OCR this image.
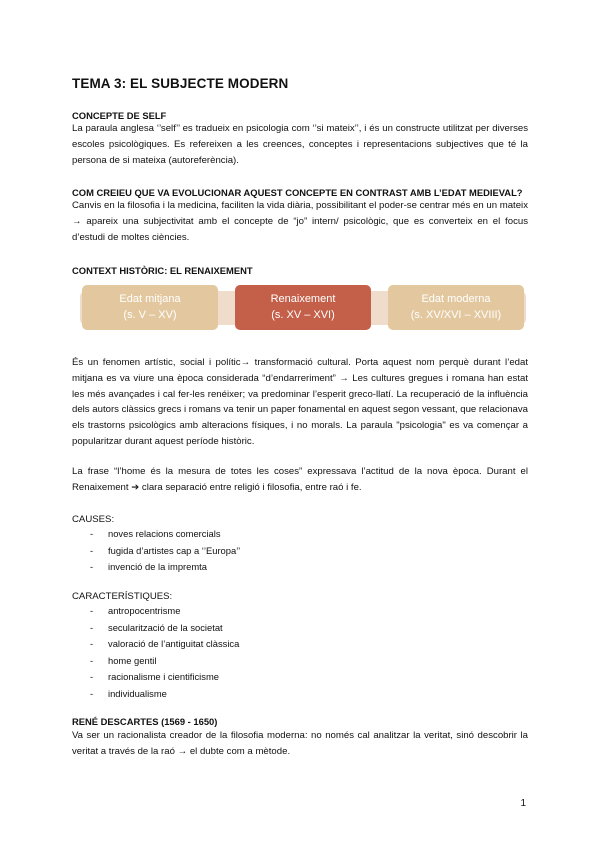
TEMA 3: EL SUBJECTE MODERN
CONCEPTE DE SELF
La paraula anglesa ‘’self’’ es tradueix en psicologia com ‘’si mateix’’, i és un constructe utilitzat per diverses escoles psicològiques. Es refereixen a les creences, conceptes i representacions subjectives que té la persona de si mateixa (autoreferència).
COM CREIEU QUE VA EVOLUCIONAR AQUEST CONCEPTE EN CONTRAST AMB L’EDAT MEDIEVAL?
Canvis en la filosofia i la medicina, faciliten la vida diària, possibilitant el poder-se centrar més en un mateix → apareix una subjectivitat amb el concepte de “jo” intern/ psicològic, que es converteix en el focus d’estudi de moltes ciències.
CONTEXT HISTÒRIC: EL RENAIXEMENT
Edat mitjana
(s. V – XV)
Renaixement
(s. XV – XVI)
Edat moderna
(s. XV/XVI – XVIII)
És un fenomen artístic, social i polític→ transformació cultural. Porta aquest nom perquè durant l’edat mitjana es va viure una època considerada “d’endarreriment” → Les cultures gregues i romana han estat les més avançades i cal fer-les renéixer; va predominar l’esperit greco-llatí. La recuperació de la influència dels autors clàssics grecs i romans va tenir un paper fonamental en aquest segon vessant, que relacionava els trastorns psicològics amb alteracions físiques, i no morals. La paraula "psicologia" es va començar a popularitzar durant aquest període històric.
La frase “l’home és la mesura de totes les coses” expressava l’actitud de la nova època. Durant el Renaixement ➔ clara separació entre religió i filosofia, entre raó i fe.
CAUSES:
- noves relacions comercials
- fugida d’artistes cap a ‘’Europa’’
- invenció de la impremta
CARACTERÍSTIQUES:
- antropocentrisme
- secularització de la societat
- valoració de l’antiguitat clàssica
- home gentil
- racionalisme i cientificisme
- individualisme
RENÉ DESCARTES (1569 - 1650)
Va ser un racionalista creador de la filosofia moderna: no només cal analitzar la veritat, sinó descobrir la veritat a través de la raó → el dubte com a mètode.
1
